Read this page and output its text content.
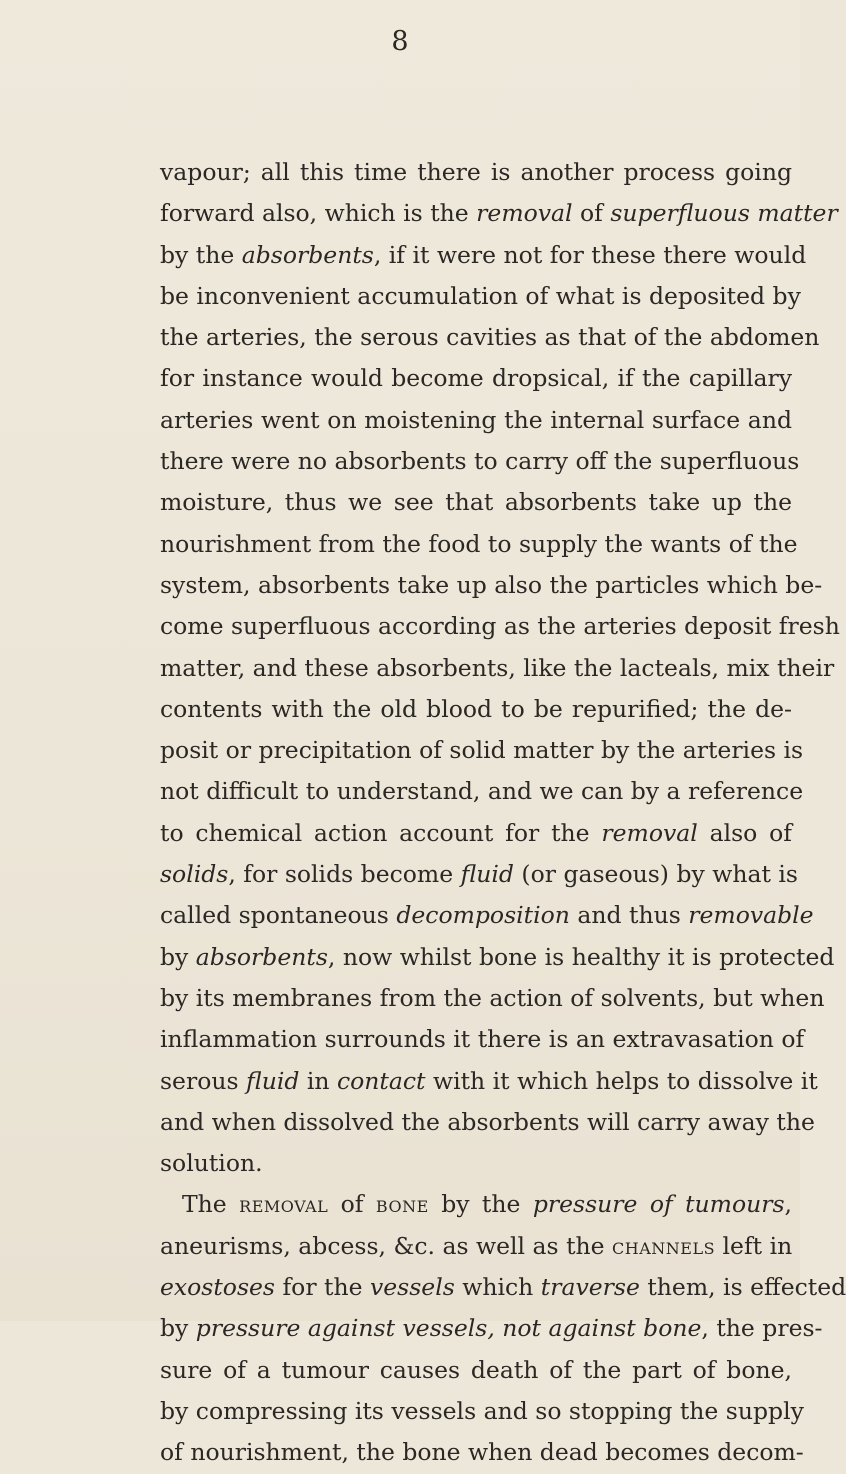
8
vapour; all this time there is another process going
forward also, which is the removal of superfluous matter
by the absorbents, if it were not for these there would
be inconvenient accumulation of what is deposited by
the arteries, the serous cavities as that of the abdomen
for instance would become dropsical, if the capillary
arteries went on moistening the internal surface and
there were no absorbents to carry off the superfluous
moisture, thus we see that absorbents take up the
nourishment from the food to supply the wants of the
system, absorbents take up also the particles which be-
come superfluous according as the arteries deposit fresh
matter, and these absorbents, like the lacteals, mix their
contents with the old blood to be repurified; the de-
posit or precipitation of solid matter by the arteries is
not difficult to understand, and we can by a reference
to chemical action account for the removal also of
solids, for solids become fluid (or gaseous) by what is
called spontaneous decomposition and thus removable
by absorbents, now whilst bone is healthy it is protected
by its membranes from the action of solvents, but when
inflammation surrounds it there is an extravasation of
serous fluid in contact with it which helps to dissolve it
and when dissolved the absorbents will carry away the
solution.
The removal of bone by the pressure of tumours,
aneurisms, abcess, &c. as well as the channels left in
exostoses for the vessels which traverse them, is effected
by pressure against vessels, not against bone, the pres-
sure of a tumour causes death of the part of bone,
by compressing its vessels and so stopping the supply
of nourishment, the bone when dead becomes decom-
